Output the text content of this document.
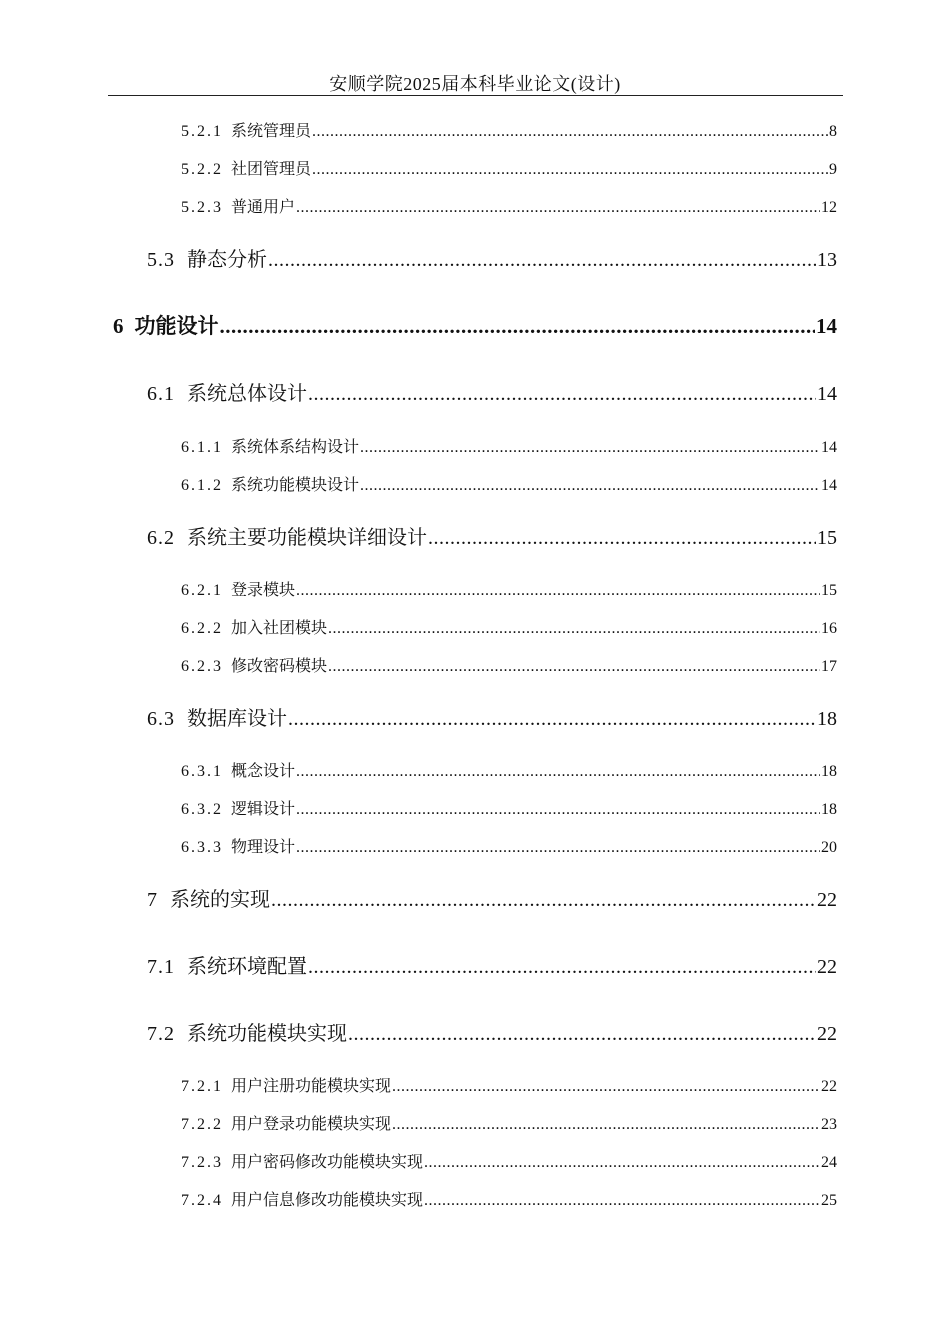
安顺学院2025届本科毕业论文(设计)
5.2.1 系统管理员 .....	8
5.2.2 社团管理员 .....	9
5.2.3 普通用户 .....	12
5.3 静态分析 .....	13
6 功能设计 .....	14
6.1 系统总体设计 .....	14
6.1.1 系统体系结构设计 .....	14
6.1.2 系统功能模块设计 .....	14
6.2 系统主要功能模块详细设计 .....	15
6.2.1 登录模块 .....	15
6.2.2 加入社团模块 .....	16
6.2.3 修改密码模块 .....	17
6.3 数据库设计 .....	18
6.3.1 概念设计 .....	18
6.3.2 逻辑设计 .....	18
6.3.3 物理设计 .....	20
7 系统的实现 .....	22
7.1 系统环境配置 .....	22
7.2 系统功能模块实现 .....	22
7.2.1 用户注册功能模块实现 .....	22
7.2.2 用户登录功能模块实现 .....	23
7.2.3 用户密码修改功能模块实现 .....	24
7.2.4 用户信息修改功能模块实现 .....	25
